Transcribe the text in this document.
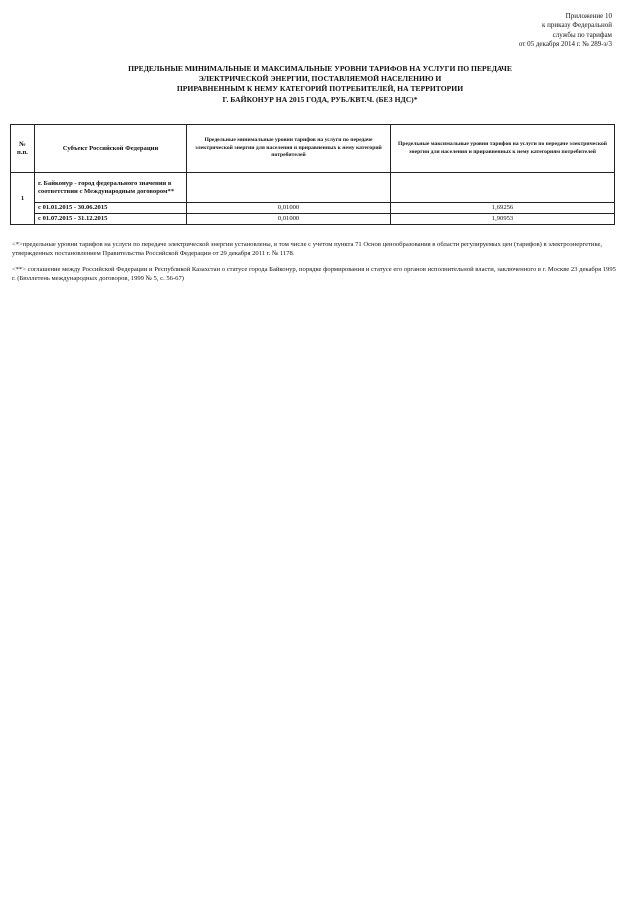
Приложение 10
к приказу Федеральной
службы по тарифам
от 05 декабря 2014 г. № 289-э/3
ПРЕДЕЛЬНЫЕ МИНИМАЛЬНЫЕ И МАКСИМАЛЬНЫЕ УРОВНИ ТАРИФОВ НА УСЛУГИ ПО ПЕРЕДАЧЕ
ЭЛЕКТРИЧЕСКОЙ ЭНЕРГИИ, ПОСТАВЛЯЕМОЙ НАСЕЛЕНИЮ И
ПРИРАВНЕННЫМ К НЕМУ КАТЕГОРИЙ ПОТРЕБИТЕЛЕЙ, НА ТЕРРИТОРИИ
Г. БАЙКОНУР НА 2015 ГОДА, РУБ./КВТ.Ч. (БЕЗ НДС)*
№ п.п.	Субъект Российской Федерации	Предельные минимальные уровни тарифов на услуги по передаче электрической энергии для населения и приравненных к нему категорий потребителей	Предельные максимальные уровни тарифов на услуги по передаче электрической энергии для населения и приравненных к нему категориям потребителей
1	г. Байконур - город федерального значения в соответствии с Международным договором**		
	с 01.01.2015 - 30.06.2015	0,01000	1,69256
	с 01.07.2015 - 31.12.2015	0,01000	1,90953

<*>предельные уровни тарифов на услуги по передаче электрической энергии установлены, в том числе с учетом пункта 71 Основ ценообразования в области регулируемых цен (тарифов) в электроэнергетике, утвержденных постановлением Правительства Российской Федерации от 29 декабря 2011 г. № 1178.

<**> соглашение между Российской Федерации и Республикой Казахстан о статусе города Байконур, порядке формирования и статусе его органов исполнительной власти, заключенного в г. Москве 23 декабря 1995 г. (Бюллетень международных договоров, 1999 № 5, с. 56-67)
